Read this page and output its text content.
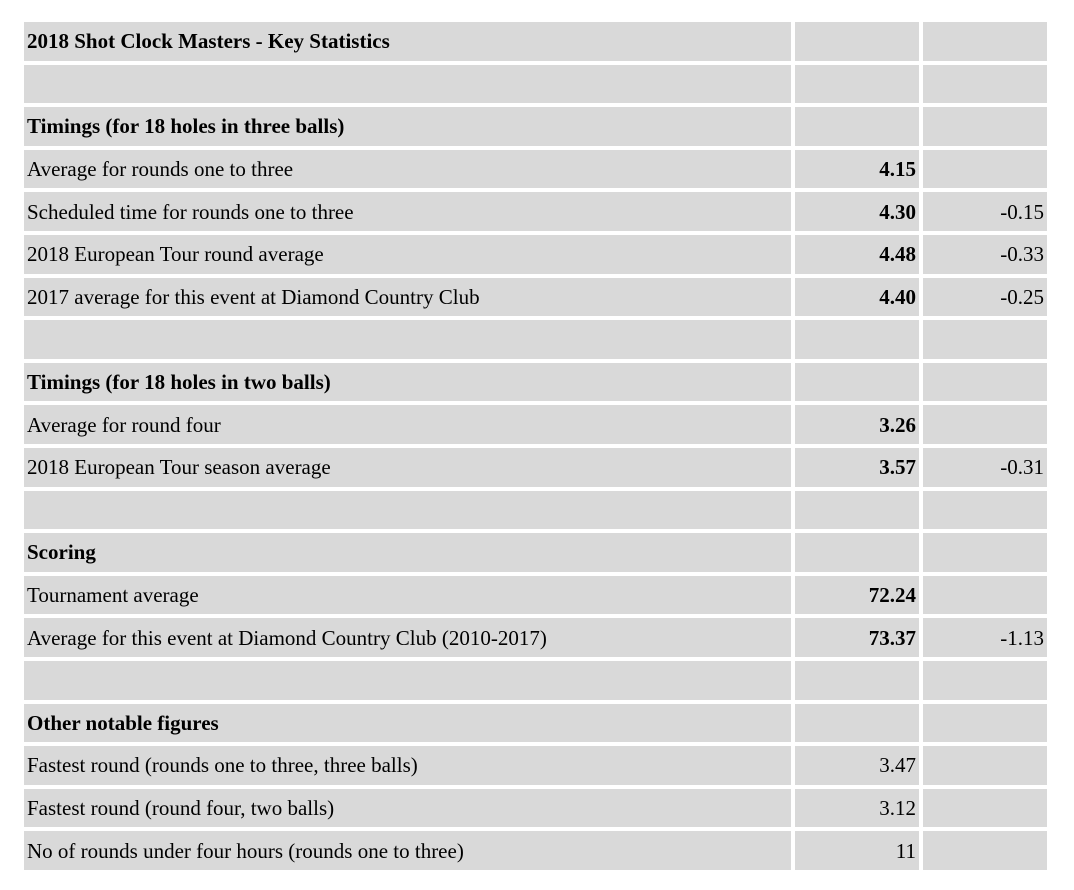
2018 Shot Clock Masters - Key Statistics		

Timings (for 18 holes in three balls)		
Average for rounds one to three	4.15	
Scheduled time for rounds one to three	4.30	-0.15
2018 European Tour round average	4.48	-0.33
2017 average for this event at Diamond Country Club	4.40	-0.25

Timings (for 18 holes in two balls)		
Average for round four	3.26	
2018 European Tour season average	3.57	-0.31

Scoring		
Tournament average	72.24	
Average for this event at Diamond Country Club (2010-2017)	73.37	-1.13

Other notable figures		
Fastest round (rounds one to three, three balls)	3.47	
Fastest round (round four, two balls)	3.12	
No of rounds under four hours (rounds one to three)	11	
